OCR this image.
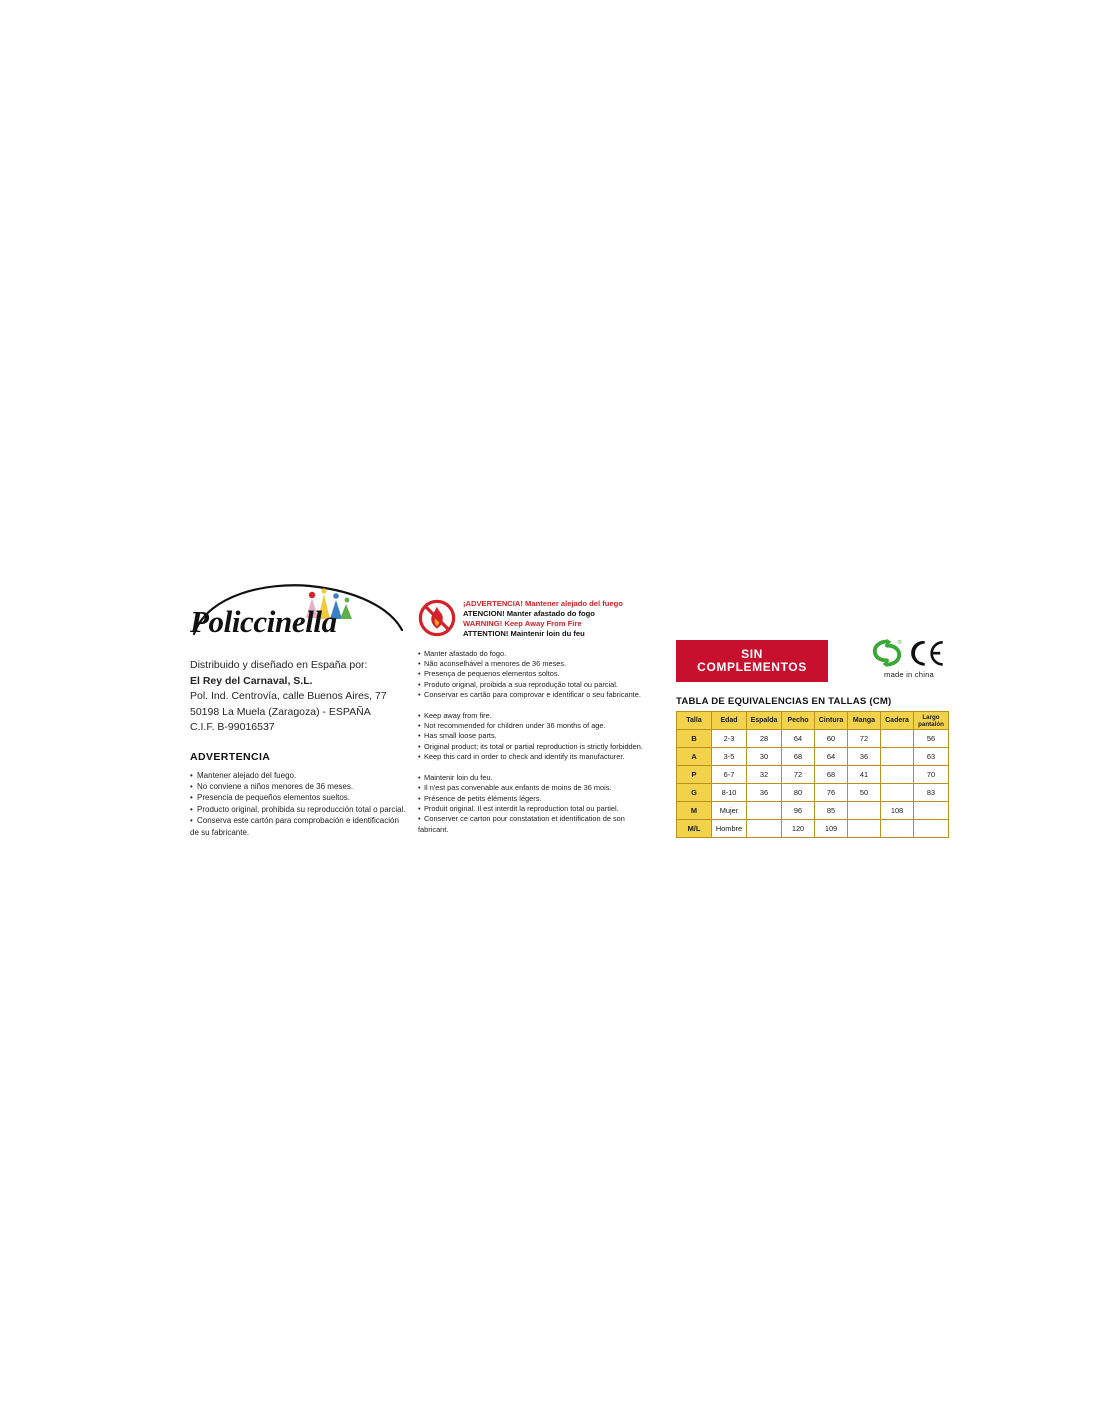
Policcinella
Distribuido y diseñado en España por:
El Rey del Carnaval, S.L.
Pol. Ind. Centrovía, calle Buenos Aires, 77
50198 La Muela (Zaragoza) - ESPAÑA
C.I.F. B-99016537
ADVERTENCIA
• Mantener alejado del fuego.
• No conviene a niños menores de 36 meses.
• Presencia de pequeños elementos sueltos.
• Producto original, prohibida su reproducción total o parcial.
• Conserva este cartón para comprobación e identificación
de su fabricante.
¡ADVERTENCIA! Mantener alejado del fuego
ATENCION! Manter afastado do fogo
WARNING! Keep Away From Fire
ATTENTION! Maintenir loin du feu
• Manter afastado do fogo.
• Não aconselhável a menores de 36 meses.
• Presença de pequenos elementos soltos.
• Produto original, proibida a sua reprodução total ou parcial.
• Conservar es cartão para comprovar e identificar o seu fabricante.
• Keep away from fire.
• Not recommended for children under 36 months of age.
• Has small loose parts.
• Original product; its total or partial reproduction is strictly forbidden.
• Keep this card in order to check and identify its manufacturer.
• Maintenir loin du feu.
• Il n'est pas convenable aux enfants de moins de 36 mois.
• Présence de petits éléments légers.
• Produit original. Il est interdit la reproduction total ou partiel.
• Conserver ce carton pour constatation et identification de son
fabricant.
SIN COMPLEMENTOS
®
made in china
TABLA DE EQUIVALENCIAS EN TALLAS (CM)
Talla	Edad	Espalda	Pecho	Cintura	Manga	Cadera	Largo pantalón

B	2-3	28	64	60	72		56
A	3-5	30	68	64	36		63
P	6-7	32	72	68	41		70
G	8-10	36	80	76	50		83
M	Mujer		96	85		108	
M/L	Hombre		120	109			
